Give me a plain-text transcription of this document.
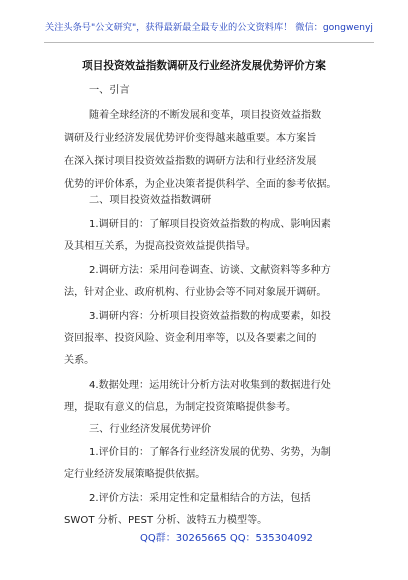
关注头条号"公文研究"，获得最新最全最专业的公文资料库！ 微信：gongwenyj
项目投资效益指数调研及行业经济发展优势评价方案
一、引言
随着全球经济的不断发展和变革，项目投资效益指数
调研及行业经济发展优势评价变得越来越重要。本方案旨
在深入探讨项目投资效益指数的调研方法和行业经济发展
优势的评价体系，为企业决策者提供科学、全面的参考依据。
二、项目投资效益指数调研
1.调研目的：了解项目投资效益指数的构成、影响因素
及其相互关系，为提高投资效益提供指导。
2.调研方法：采用问卷调查、访谈、文献资料等多种方
法，针对企业、政府机构、行业协会等不同对象展开调研。
3.调研内容：分析项目投资效益指数的构成要素，如投
资回报率、投资风险、资金利用率等，以及各要素之间的
关系。
4.数据处理：运用统计分析方法对收集到的数据进行处
理，提取有意义的信息，为制定投资策略提供参考。
三、行业经济发展优势评价
1.评价目的：了解各行业经济发展的优势、劣势，为制
定行业经济发展策略提供依据。
QQ群：30265665 QQ：535304092
2.评价方法：采用定性和定量相结合的方法，包括
SWOT 分析、PEST 分析、波特五力模型等。
